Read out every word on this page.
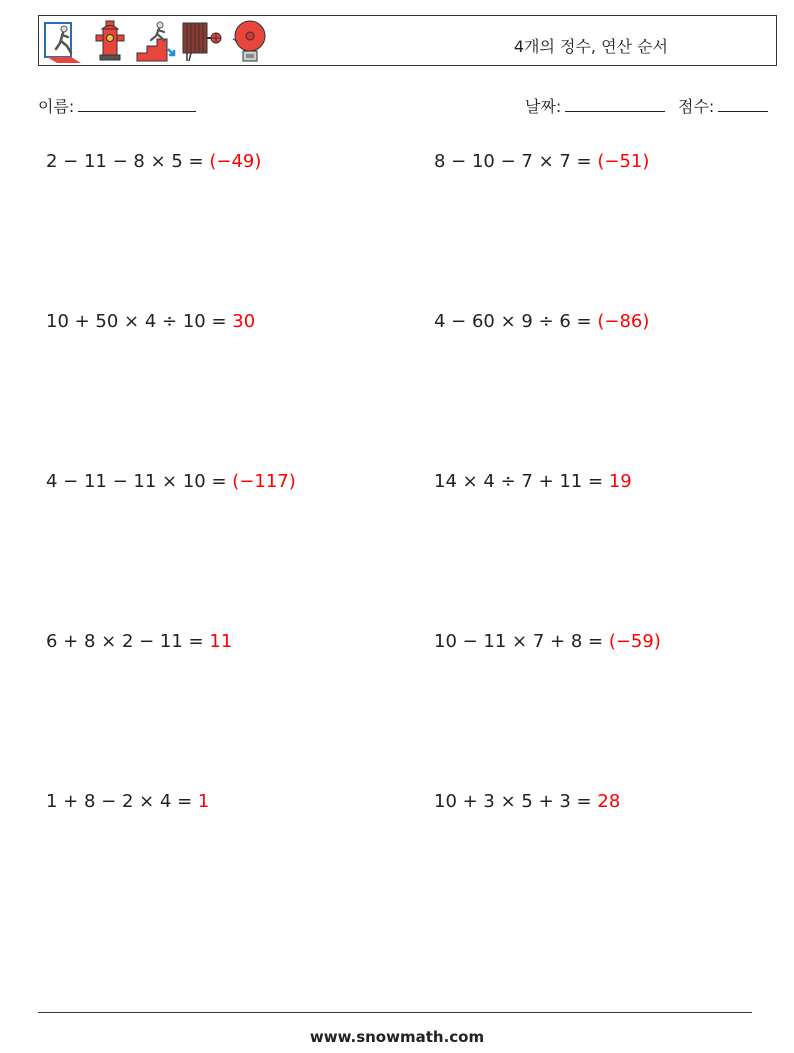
4개의 정수, 연산 순서
이름:	날짜:	점수:
2 − 11 − 8 × 5 = (−49)	8 − 10 − 7 × 7 = (−51)
10 + 50 × 4 ÷ 10 = 30	4 − 60 × 9 ÷ 6 = (−86)
4 − 11 − 11 × 10 = (−117)	14 × 4 ÷ 7 + 11 = 19
6 + 8 × 2 − 11 = 11	10 − 11 × 7 + 8 = (−59)
1 + 8 − 2 × 4 = 1	10 + 3 × 5 + 3 = 28
www.snowmath.com
